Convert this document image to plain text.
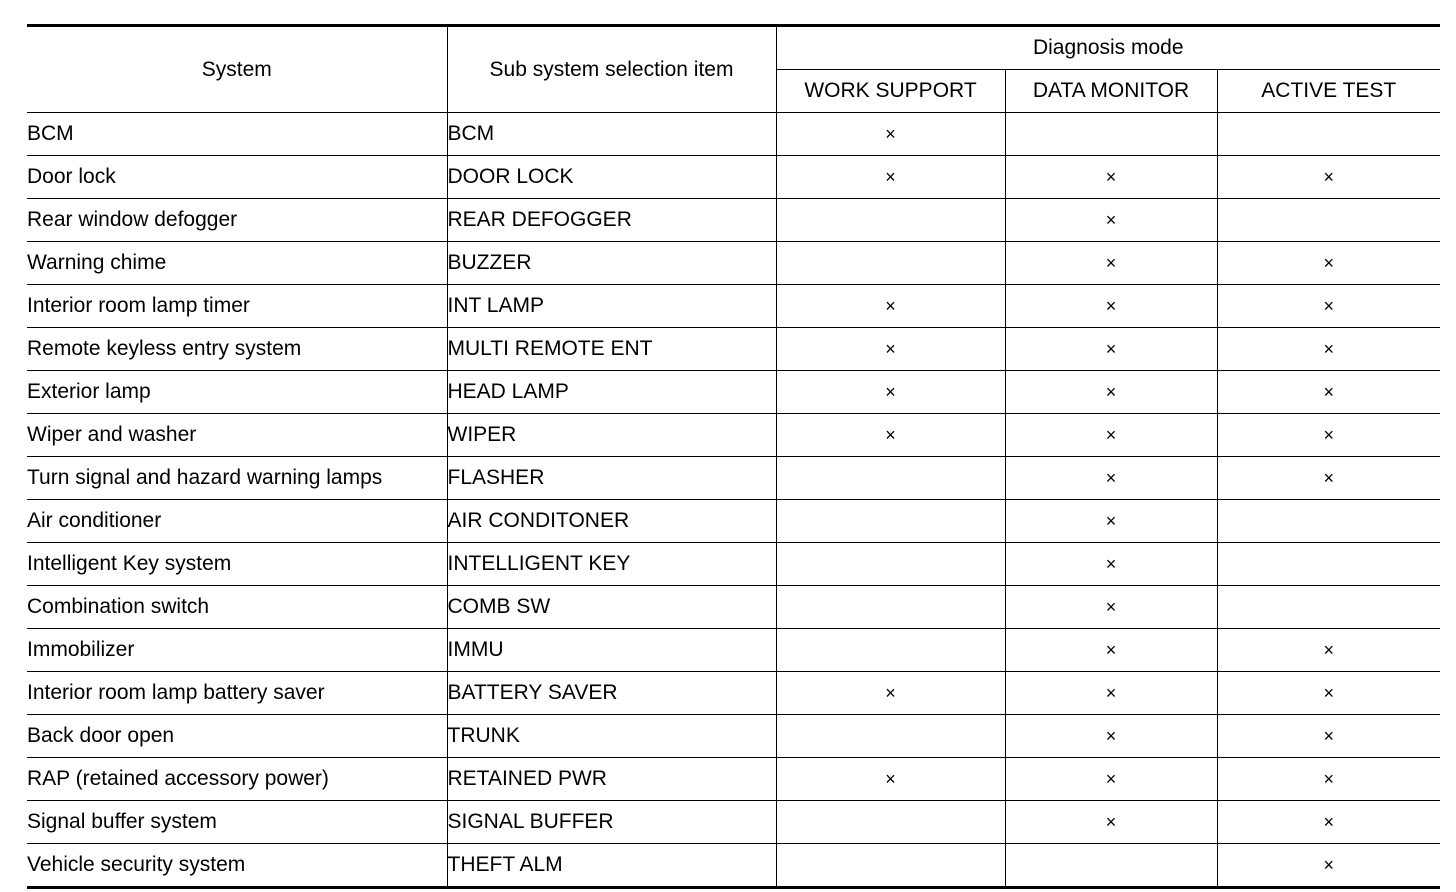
System	Sub system selection item	Diagnosis mode		
		WORK SUPPORT	DATA MONITOR	ACTIVE TEST
BCM	BCM	×		
Door lock	DOOR LOCK	×	×	×
Rear window defogger	REAR DEFOGGER		×	
Warning chime	BUZZER		×	×
Interior room lamp timer	INT LAMP	×	×	×
Remote keyless entry system	MULTI REMOTE ENT	×	×	×
Exterior lamp	HEAD LAMP	×	×	×
Wiper and washer	WIPER	×	×	×
Turn signal and hazard warning lamps	FLASHER		×	×
Air conditioner	AIR CONDITONER		×	
Intelligent Key system	INTELLIGENT KEY		×	
Combination switch	COMB SW		×	
Immobilizer	IMMU		×	×
Interior room lamp battery saver	BATTERY SAVER	×	×	×
Back door open	TRUNK		×	×
RAP (retained accessory power)	RETAINED PWR	×	×	×
Signal buffer system	SIGNAL BUFFER		×	×
Vehicle security system	THEFT ALM			×
